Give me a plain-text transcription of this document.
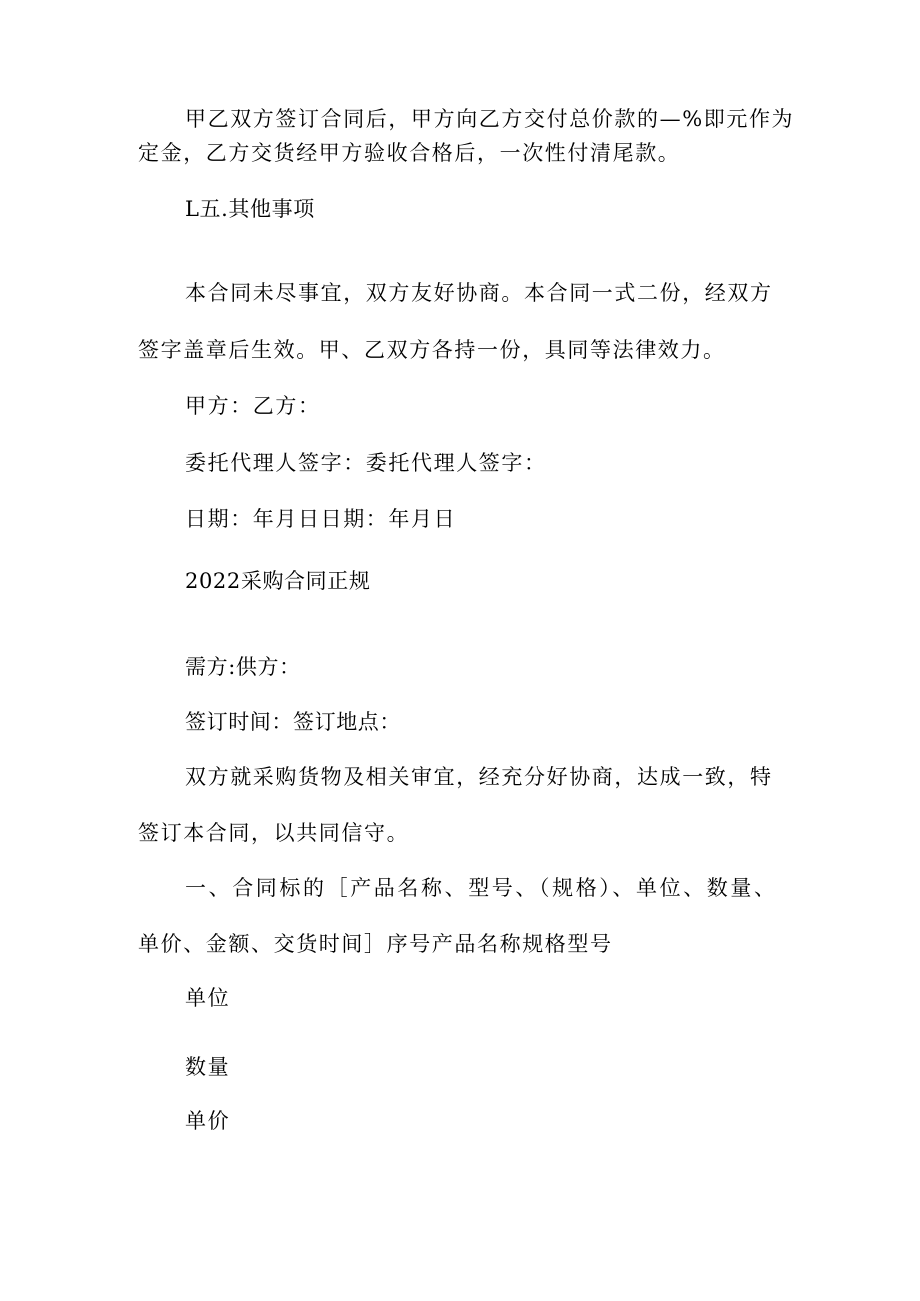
甲乙双方签订合同后，甲方向乙方交付总价款的—%即元作为

定金，乙方交货经甲方验收合格后，一次性付清尾款。

L五.其他事项

本合同未尽事宜，双方友好协商。本合同一式二份，经双方

签字盖章后生效。甲、乙双方各持一份，具同等法律效力。

甲方：乙方：

委托代理人签字：委托代理人签字：

日期：年月日日期：年月日

2022采购合同正规

需方:供方：

签订时间：签订地点：

双方就采购货物及相关审宜，经充分好协商，达成一致，特

签订本合同，以共同信守。

一、合同标的［产品名称、型号、（规格）、单位、数量、

单价、金额、交货时间］序号产品名称规格型号

单位

数量

单价
